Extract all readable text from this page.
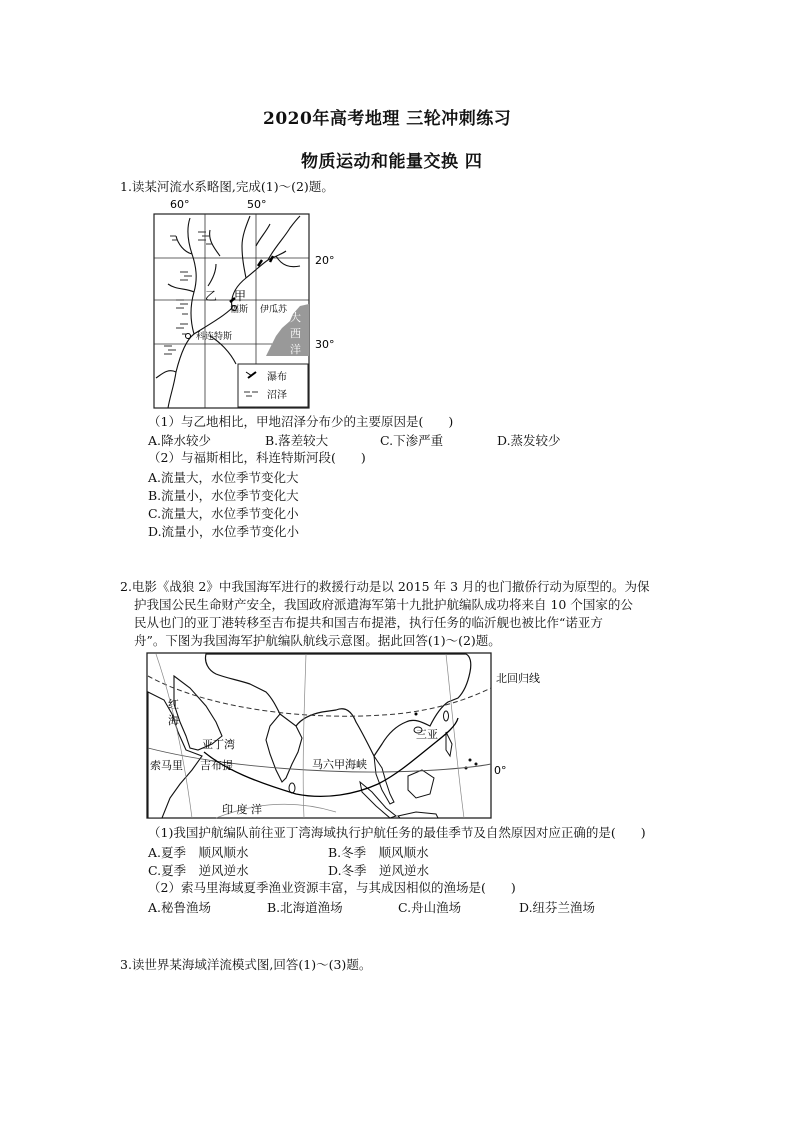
2020年高考地理 三轮冲刺练习
物质运动和能量交换 四
1.读某河流水系略图,完成(1)～(2)题。
60°	50°
20°
30°
大
西
洋
乙 甲
福斯 伊瓜苏
科连特斯
瀑布
沼泽
（1）与乙地相比，甲地沼泽分布少的主要原因是(　　)
A.降水较少	B.落差较大	C.下渗严重	D.蒸发较少
（2）与福斯相比，科连特斯河段(　　)
A.流量大，水位季节变化大
B.流量小，水位季节变化大
C.流量大，水位季节变化小
D.流量小，水位季节变化小
2.电影《战狼 2》中我国海军进行的救援行动是以 2015 年 3 月的也门撤侨行动为原型的。为保
护我国公民生命财产安全，我国政府派遣海军第十九批护航编队成功将来自 10 个国家的公
民从也门的亚丁港转移至吉布提共和国吉布提港，执行任务的临沂舰也被比作“诺亚方
舟”。下图为我国海军护航编队航线示意图。据此回答(1)～(2)题。
北回归线
红
海
亚丁湾
索马里 吉布提
三亚
马六甲海峡	0°
印 度 洋
（1)我国护航编队前往亚丁湾海域执行护航任务的最佳季节及自然原因对应正确的是(　　)
A.夏季　顺风顺水	B.冬季　顺风顺水
C.夏季　逆风逆水	D.冬季　逆风逆水
（2）索马里海域夏季渔业资源丰富，与其成因相似的渔场是(　　)
A.秘鲁渔场	B.北海道渔场	C.舟山渔场	D.纽芬兰渔场
3.读世界某海域洋流模式图,回答(1)～(3)题。
